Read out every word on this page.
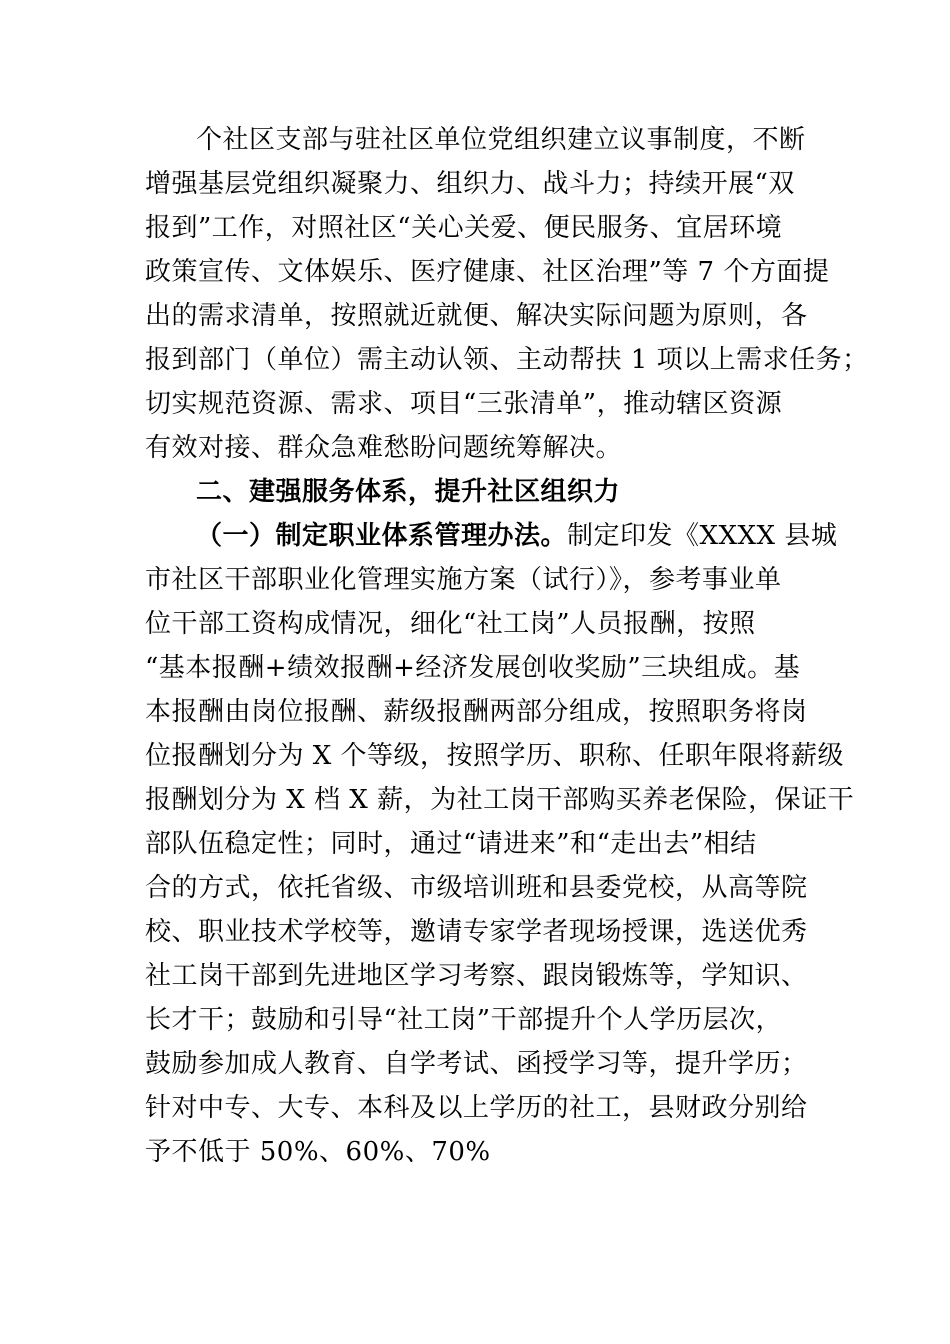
个社区支部与驻社区单位党组织建立议事制度，不断
增强基层党组织凝聚力、组织力、战斗力；持续开展“双
报到”工作，对照社区“关心关爱、便民服务、宜居环境
政策宣传、文体娱乐、医疗健康、社区治理”等 7 个方面提
出的需求清单，按照就近就便、解决实际问题为原则，各
报到部门（单位）需主动认领、主动帮扶 1 项以上需求任务；
切实规范资源、需求、项目“三张清单”，推动辖区资源
有效对接、群众急难愁盼问题统筹解决。
二、建强服务体系，提升社区组织力
（一）制定职业体系管理办法。制定印发《XXXX 县城
市社区干部职业化管理实施方案（试行）》，参考事业单
位干部工资构成情况，细化“社工岗”人员报酬，按照
“基本报酬+绩效报酬+经济发展创收奖励”三块组成。基
本报酬由岗位报酬、薪级报酬两部分组成，按照职务将岗
位报酬划分为 X 个等级，按照学历、职称、任职年限将薪级
报酬划分为 X 档 X 薪，为社工岗干部购买养老保险，保证干
部队伍稳定性；同时，通过“请进来”和“走出去”相结
合的方式，依托省级、市级培训班和县委党校，从高等院
校、职业技术学校等，邀请专家学者现场授课，选送优秀
社工岗干部到先进地区学习考察、跟岗锻炼等，学知识、
长才干；鼓励和引导“社工岗”干部提升个人学历层次，
鼓励参加成人教育、自学考试、函授学习等，提升学历；
针对中专、大专、本科及以上学历的社工，县财政分别给
予不低于 50%、60%、70%
